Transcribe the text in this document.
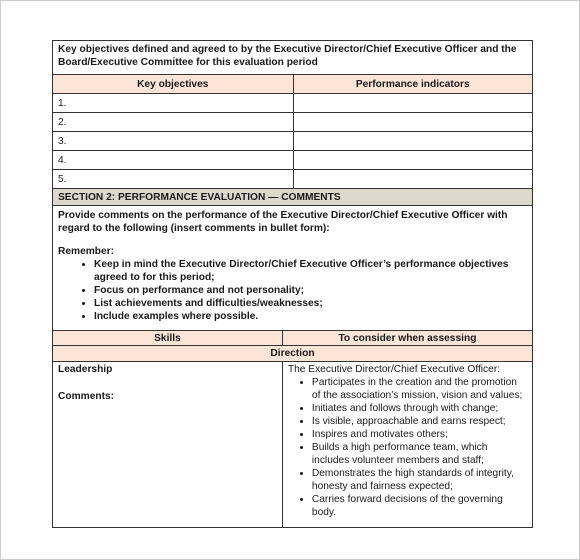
Key objectives defined and agreed to by the Executive Director/Chief Executive Officer and the Board/Executive Committee for this evaluation period
Key objectives	Performance indicators
1.
2.
3.
4.
5.
SECTION 2: PERFORMANCE EVALUATION — COMMENTS
Provide comments on the performance of the Executive Director/Chief Executive Officer with regard to the following (insert comments in bullet form):
Remember:
• Keep in mind the Executive Director/Chief Executive Officer’s performance objectives agreed to for this period;
• Focus on performance and not personality;
• List achievements and difficulties/weaknesses;
• Include examples where possible.
Skills	To consider when assessing
Direction
Leadership
Comments:
The Executive Director/Chief Executive Officer:
• Participates in the creation and the promotion of the association’s mission, vision and values;
• Initiates and follows through with change;
• Is visible, approachable and earns respect;
• Inspires and motivates others;
• Builds a high performance team, which includes volunteer members and staff;
• Demonstrates the high standards of integrity, honesty and fairness expected;
• Carries forward decisions of the governing body.
